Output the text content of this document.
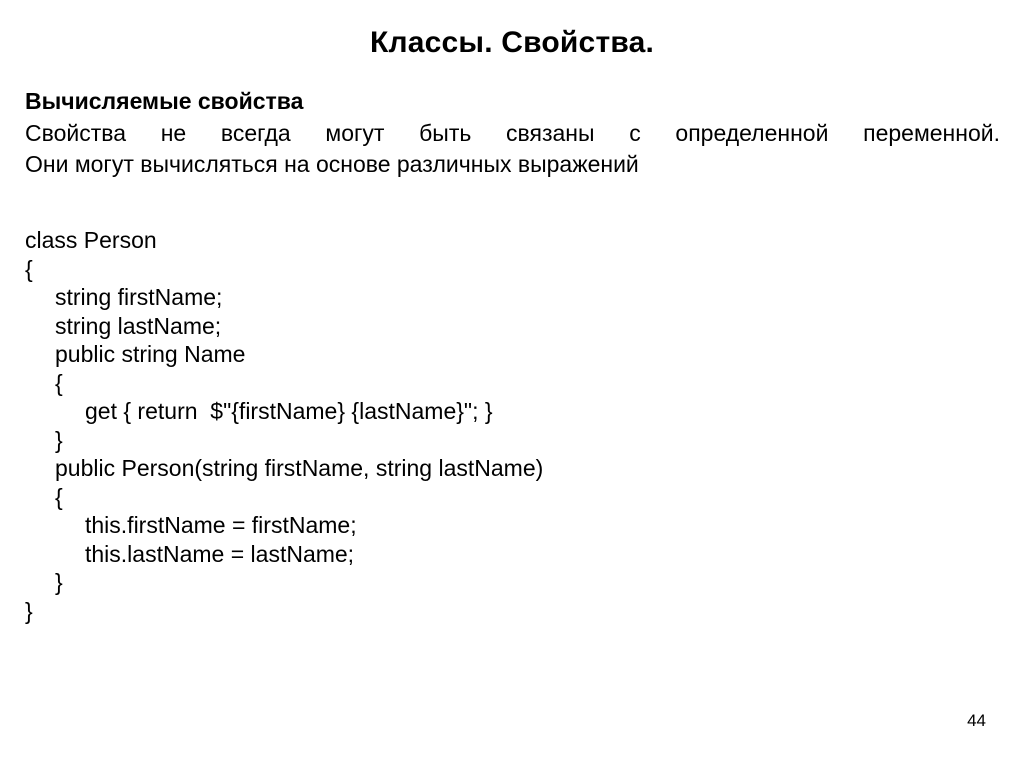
Классы. Свойства.
Вычисляемые свойства
Свойства не всегда могут быть связаны с определенной переменной.
Они могут вычисляться на основе различных выражений
class Person
{
string firstName;
string lastName;
public string Name
{
get { return  $"{firstName} {lastName}"; }
}
public Person(string firstName, string lastName)
{
this.firstName = firstName;
this.lastName = lastName;
}
}
44
